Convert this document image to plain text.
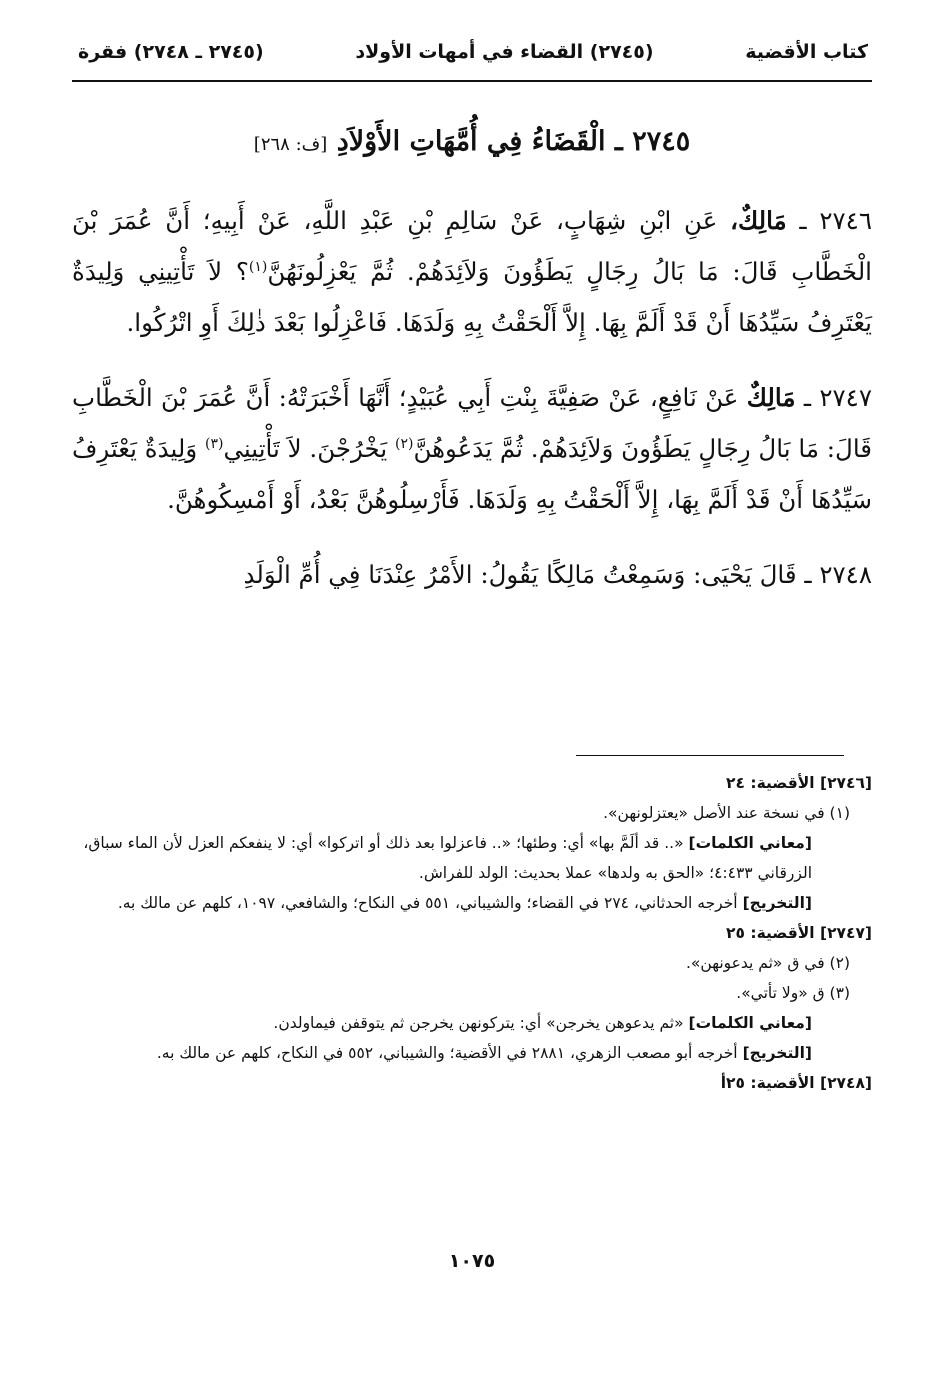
كتاب الأقضية
(٢٧٤٥) القضاء في أمهات الأولاد
(٢٧٤٥ ـ ٢٧٤٨) فقرة
٢٧٤٥ ـ الْقَضَاءُ فِي أُمَّهَاتِ الأَوْلاَدِ [ف: ٢٦٨]

٢٧٤٦ ـ مَالِكٌ، عَنِ ابْنِ شِهَابٍ، عَنْ سَالِمِ بْنِ عَبْدِ اللَّهِ، عَنْ أَبِيهِ؛ أَنَّ عُمَرَ بْنَ الْخَطَّابِ قَالَ: مَا بَالُ رِجَالٍ يَطَؤُونَ وَلاَئِدَهُمْ. ثُمَّ يَعْزِلُونَهُنَّ$^{(١)}$؟ لاَ تَأْتِينِي وَلِيدَةٌ يَعْتَرِفُ سَيِّدُهَا أَنْ قَدْ أَلَمَّ بِهَا. إِلاَّ أَلْحَقْتُ بِهِ وَلَدَهَا. فَاعْزِلُوا بَعْدَ ذٰلِكَ أَوِ اتْرُكُوا.

٢٧٤٧ ـ مَالِكٌ عَنْ نَافِعٍ، عَنْ صَفِيَّةَ بِنْتِ أَبِي عُبَيْدٍ؛ أَنَّهَا أَخْبَرَتْهُ: أَنَّ عُمَرَ بْنَ الْخَطَّابِ قَالَ: مَا بَالُ رِجَالٍ يَطَؤُونَ وَلاَئِدَهُمْ. ثُمَّ يَدَعُوهُنَّ$^{(٢)}$ يَخْرُجْنَ. لاَ تَأْتِينِي$^{(٣)}$ وَلِيدَةٌ يَعْتَرِفُ سَيِّدُهَا أَنْ قَدْ أَلَمَّ بِهَا، إِلاَّ أَلْحَقْتُ بِهِ وَلَدَهَا. فَأَرْسِلُوهُنَّ بَعْدُ، أَوْ أَمْسِكُوهُنَّ.

٢٧٤٨ ـ قَالَ يَحْيَى: وَسَمِعْتُ مَالِكًا يَقُولُ: الأَمْرُ عِنْدَنَا فِي أُمِّ الْوَلَدِ

[٢٧٤٦] الأقضية: ٢٤

(١) في نسخة عند الأصل «يعتزلونهن».

[معاني الكلمات] «.. قد ألَمَّ بها» أي: وطئها؛ «.. فاعزلوا بعد ذلك أو اتركوا» أي: لا ينفعكم العزل لأن الماء سباق، الزرقاني ٤:٤٣٣؛ «الحق به ولدها» عملا بحديث: الولد للفراش.

[التخريج] أخرجه الحدثاني، ٢٧٤ في القضاء؛ والشيباني، ٥٥١ في النكاح؛ والشافعي، ١٠٩٧، كلهم عن مالك به.

[٢٧٤٧] الأقضية: ٢٥

(٢) في ق «ثم يدعونهن».

(٣) ق «ولا تأتي».

[معاني الكلمات] «ثم يدعوهن يخرجن» أي: يتركونهن يخرجن ثم يتوقفن فيماولدن.

[التخريج] أخرجه أبو مصعب الزهري، ٢٨٨١ في الأقضية؛ والشيباني، ٥٥٢ في النكاح، كلهم عن مالك به.

[٢٧٤٨] الأقضية: ٢٥أ

١٠٧٥
